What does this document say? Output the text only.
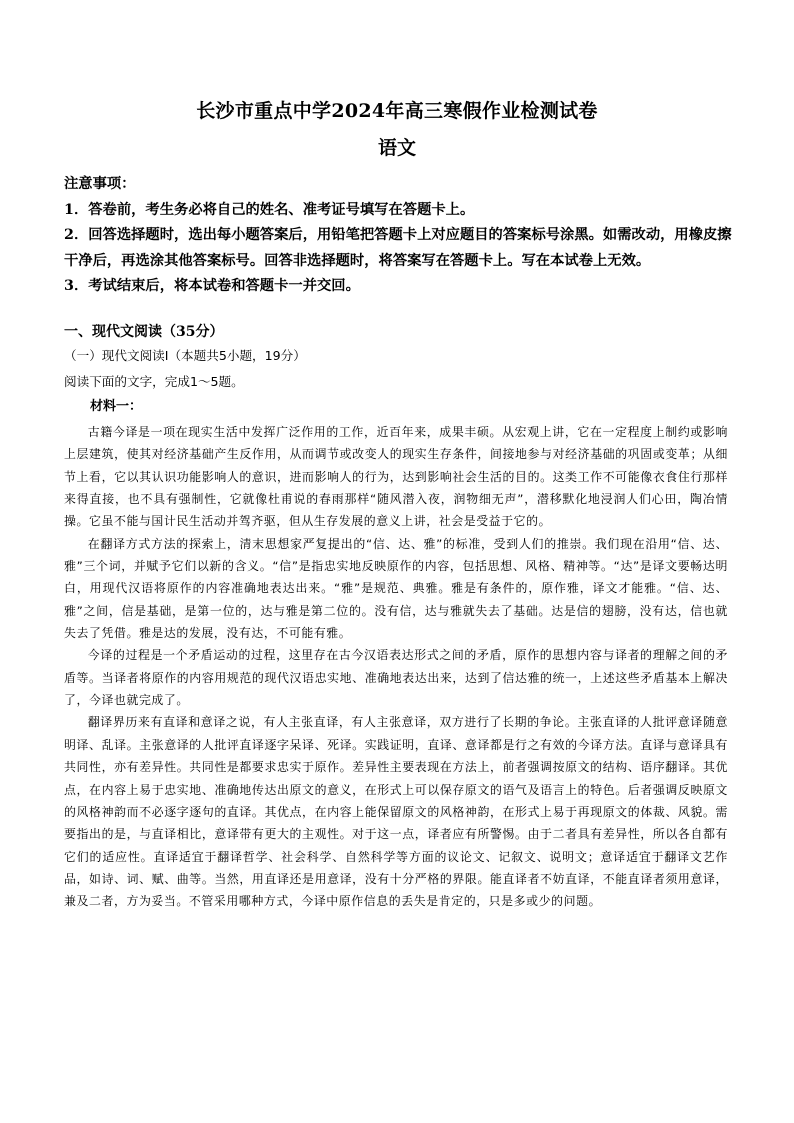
长沙市重点中学2024年高三寒假作业检测试卷
语文

注意事项：

1．答卷前，考生务必将自己的姓名、准考证号填写在答题卡上。

2．回答选择题时，选出每小题答案后，用铅笔把答题卡上对应题目的答案标号涂黑。如需改动，用橡皮擦干净后，再选涂其他答案标号。回答非选择题时，将答案写在答题卡上。写在本试卷上无效。

3．考试结束后，将本试卷和答题卡一并交回。

一、现代文阅读（35分）
（一）现代文阅读Ⅰ（本题共5小题，19分）
阅读下面的文字，完成1～5题。
材料一：

古籍今译是一项在现实生活中发挥广泛作用的工作，近百年来，成果丰硕。从宏观上讲，它在一定程度上制约或影响上层建筑，使其对经济基础产生反作用，从而调节或改变人的现实生存条件，间接地参与对经济基础的巩固或变革；从细节上看，它以其认识功能影响人的意识，进而影响人的行为，达到影响社会生活的目的。这类工作不可能像衣食住行那样来得直接，也不具有强制性，它就像杜甫说的春雨那样“随风潜入夜，润物细无声”，潜移默化地浸润人们心田，陶冶情操。它虽不能与国计民生活动并驾齐驱，但从生存发展的意义上讲，社会是受益于它的。

在翻译方式方法的探索上，清末思想家严复提出的“信、达、雅”的标准，受到人们的推崇。我们现在沿用“信、达、雅”三个词，并赋予它们以新的含义。“信”是指忠实地反映原作的内容，包括思想、风格、精神等。“达”是译文要畅达明白，用现代汉语将原作的内容准确地表达出来。“雅”是规范、典雅。雅是有条件的，原作雅，译文才能雅。“信、达、雅”之间，信是基础，是第一位的，达与雅是第二位的。没有信，达与雅就失去了基础。达是信的翅膀，没有达，信也就失去了凭借。雅是达的发展，没有达，不可能有雅。

今译的过程是一个矛盾运动的过程，这里存在古今汉语表达形式之间的矛盾，原作的思想内容与译者的理解之间的矛盾等。当译者将原作的内容用规范的现代汉语忠实地、准确地表达出来，达到了信达雅的统一，上述这些矛盾基本上解决了，今译也就完成了。

翻译界历来有直译和意译之说，有人主张直译，有人主张意译，双方进行了长期的争论。主张直译的人批评意译随意明译、乱译。主张意译的人批评直译逐字呆译、死译。实践证明，直译、意译都是行之有效的今译方法。直译与意译具有共同性，亦有差异性。共同性是都要求忠实于原作。差异性主要表现在方法上，前者强调按原文的结构、语序翻译。其优点，在内容上易于忠实地、准确地传达出原文的意义，在形式上可以保存原文的语气及语言上的特色。后者强调反映原文的风格神韵而不必逐字逐句的直译。其优点，在内容上能保留原文的风格神韵，在形式上易于再现原文的体裁、风貌。需要指出的是，与直译相比，意译带有更大的主观性。对于这一点，译者应有所警惕。由于二者具有差异性，所以各自都有它们的适应性。直译适宜于翻译哲学、社会科学、自然科学等方面的议论文、记叙文、说明文；意译适宜于翻译文艺作品，如诗、词、赋、曲等。当然，用直译还是用意译，没有十分严格的界限。能直译者不妨直译，不能直译者须用意译，兼及二者，方为妥当。不管采用哪种方式，今译中原作信息的丢失是肯定的，只是多或少的问题。
